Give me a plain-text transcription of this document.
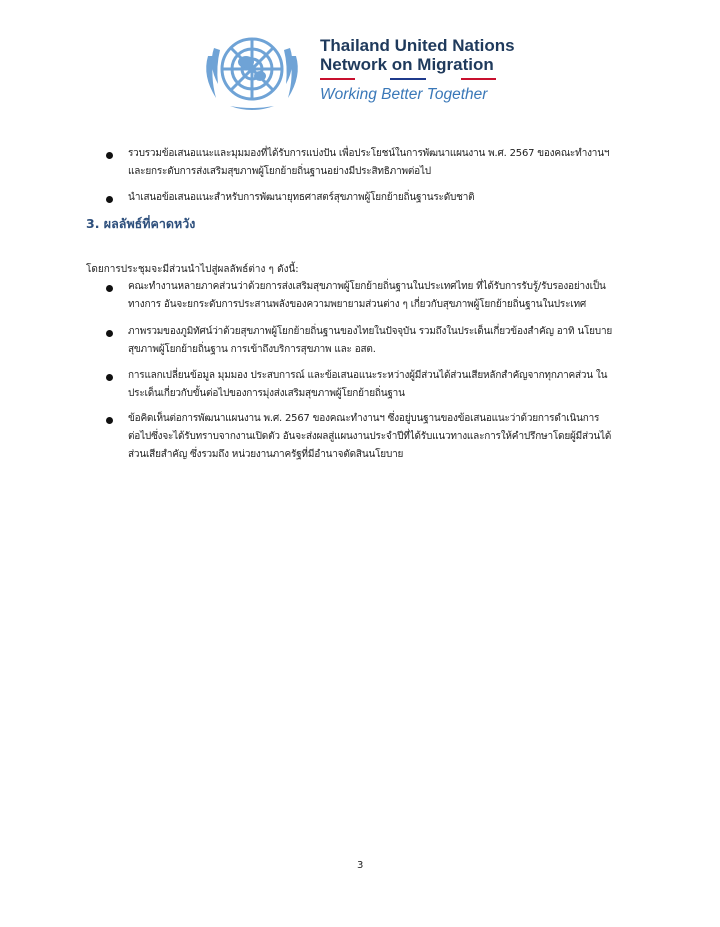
Thailand United Nations
Network on Migration
Working Better Together
รวบรวมข้อเสนอแนะและมุมมองที่ได้รับการแบ่งปัน เพื่อประโยชน์ในการพัฒนาแผนงาน พ.ศ. 2567 ของคณะทำงานฯ
และยกระดับการส่งเสริมสุขภาพผู้โยกย้ายถิ่นฐานอย่างมีประสิทธิภาพต่อไป
นำเสนอข้อเสนอแนะสำหรับการพัฒนายุทธศาสตร์สุขภาพผู้โยกย้ายถิ่นฐานระดับชาติ
3. ผลลัพธ์ที่คาดหวัง
โดยการประชุมจะมีส่วนนำไปสู่ผลลัพธ์ต่าง ๆ ดังนี้:
คณะทำงานหลายภาคส่วนว่าด้วยการส่งเสริมสุขภาพผู้โยกย้ายถิ่นฐานในประเทศไทย ที่ได้รับการรับรู้/รับรองอย่างเป็น
ทางการ อันจะยกระดับการประสานพลังของความพยายามส่วนต่าง ๆ เกี่ยวกับสุขภาพผู้โยกย้ายถิ่นฐานในประเทศ
ภาพรวมของภูมิทัศน์ว่าด้วยสุขภาพผู้โยกย้ายถิ่นฐานของไทยในปัจจุบัน รวมถึงในประเด็นเกี่ยวข้องสำคัญ อาทิ นโยบาย
สุขภาพผู้โยกย้ายถิ่นฐาน การเข้าถึงบริการสุขภาพ และ อสต.
การแลกเปลี่ยนข้อมูล มุมมอง ประสบการณ์ และข้อเสนอแนะระหว่างผู้มีส่วนได้ส่วนเสียหลักสำคัญจากทุกภาคส่วน ใน
ประเด็นเกี่ยวกับขั้นต่อไปของการมุ่งส่งเสริมสุขภาพผู้โยกย้ายถิ่นฐาน
ข้อคิดเห็นต่อการพัฒนาแผนงาน พ.ศ. 2567 ของคณะทำงานฯ ซึ่งอยู่บนฐานของข้อเสนอแนะว่าด้วยการดำเนินการ
ต่อไปซึ่งจะได้รับทราบจากงานเปิดตัว อันจะส่งผลสู่แผนงานประจำปีที่ได้รับแนวทางและการให้คำปรึกษาโดยผู้มีส่วนได้
ส่วนเสียสำคัญ ซึ่งรวมถึง หน่วยงานภาครัฐที่มีอำนาจตัดสินนโยบาย
3
